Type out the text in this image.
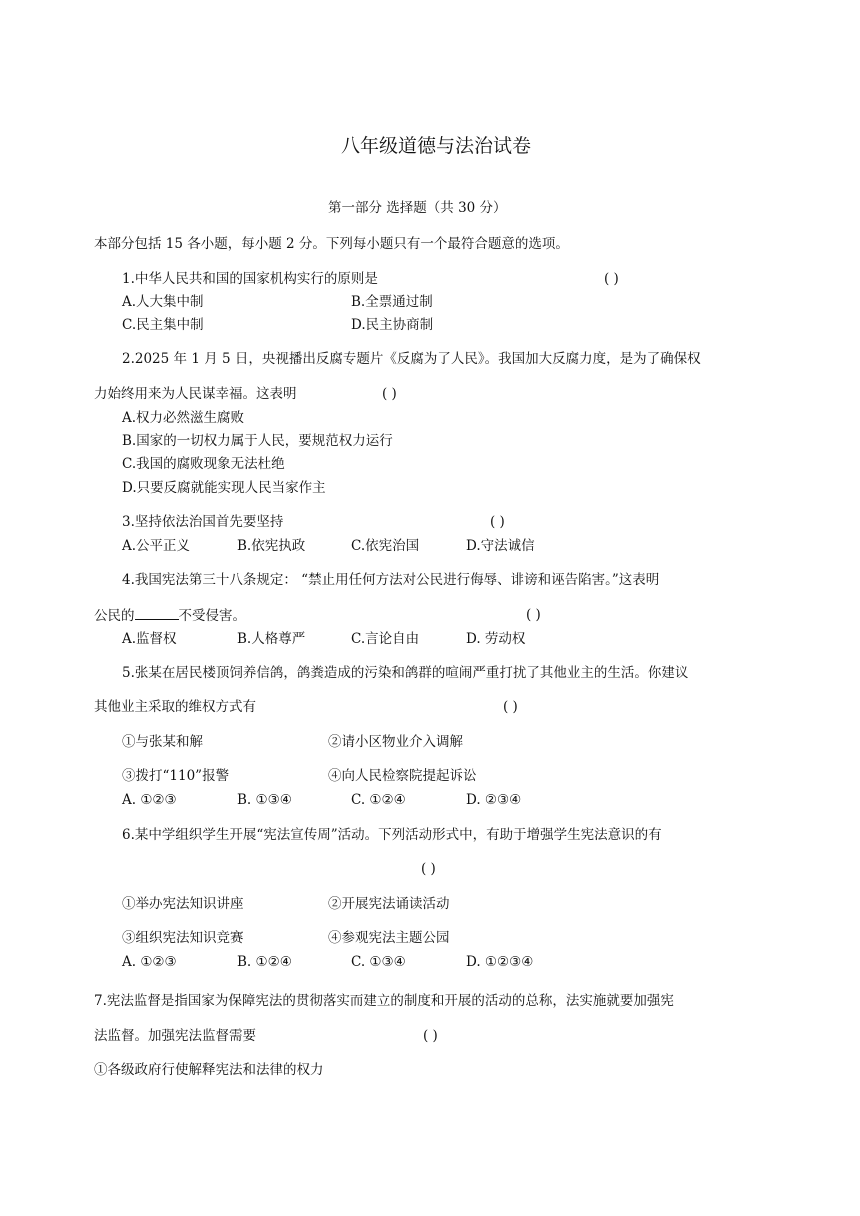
八年级道德与法治试卷
第一部分 选择题（共 30 分）
本部分包括 15 各小题，每小题 2 分。下列每小题只有一个最符合题意的选项。
1.中华人民共和国的国家机构实行的原则是	( )
A.人大集中制	B.全票通过制
C.民主集中制	D.民主协商制
2.2025 年 1 月 5 日，央视播出反腐专题片《反腐为了人民》。我国加大反腐力度，是为了确保权
力始终用来为人民谋幸福。这表明	( )
A.权力必然滋生腐败
B.国家的一切权力属于人民，要规范权力运行
C.我国的腐败现象无法杜绝
D.只要反腐就能实现人民当家作主
3.坚持依法治国首先要坚持	( )
A.公平正义	B.依宪执政	C.依宪治国	D.守法诚信
4.我国宪法第三十八条规定： “禁止用任何方法对公民进行侮辱、诽谤和诬告陷害。”这表明
公民的	不受侵害。	( )
A.监督权	B.人格尊严	C.言论自由	D. 劳动权
5.张某在居民楼顶饲养信鸽，鸽粪造成的污染和鸽群的喧闹严重打扰了其他业主的生活。你建议
其他业主采取的维权方式有	( )
①与张某和解	②请小区物业介入调解
③拨打“110”报警	④向人民检察院提起诉讼
A. ①②③	B. ①③④	C. ①②④	D. ②③④
6.某中学组织学生开展“宪法宣传周”活动。下列活动形式中，有助于增强学生宪法意识的有
( )
①举办宪法知识讲座	②开展宪法诵读活动
③组织宪法知识竞赛	④参观宪法主题公园
A. ①②③	B. ①②④	C. ①③④	D. ①②③④
7.宪法监督是指国家为保障宪法的贯彻落实而建立的制度和开展的活动的总称，法实施就要加强宪
法监督。加强宪法监督需要	( )
①各级政府行使解释宪法和法律的权力
